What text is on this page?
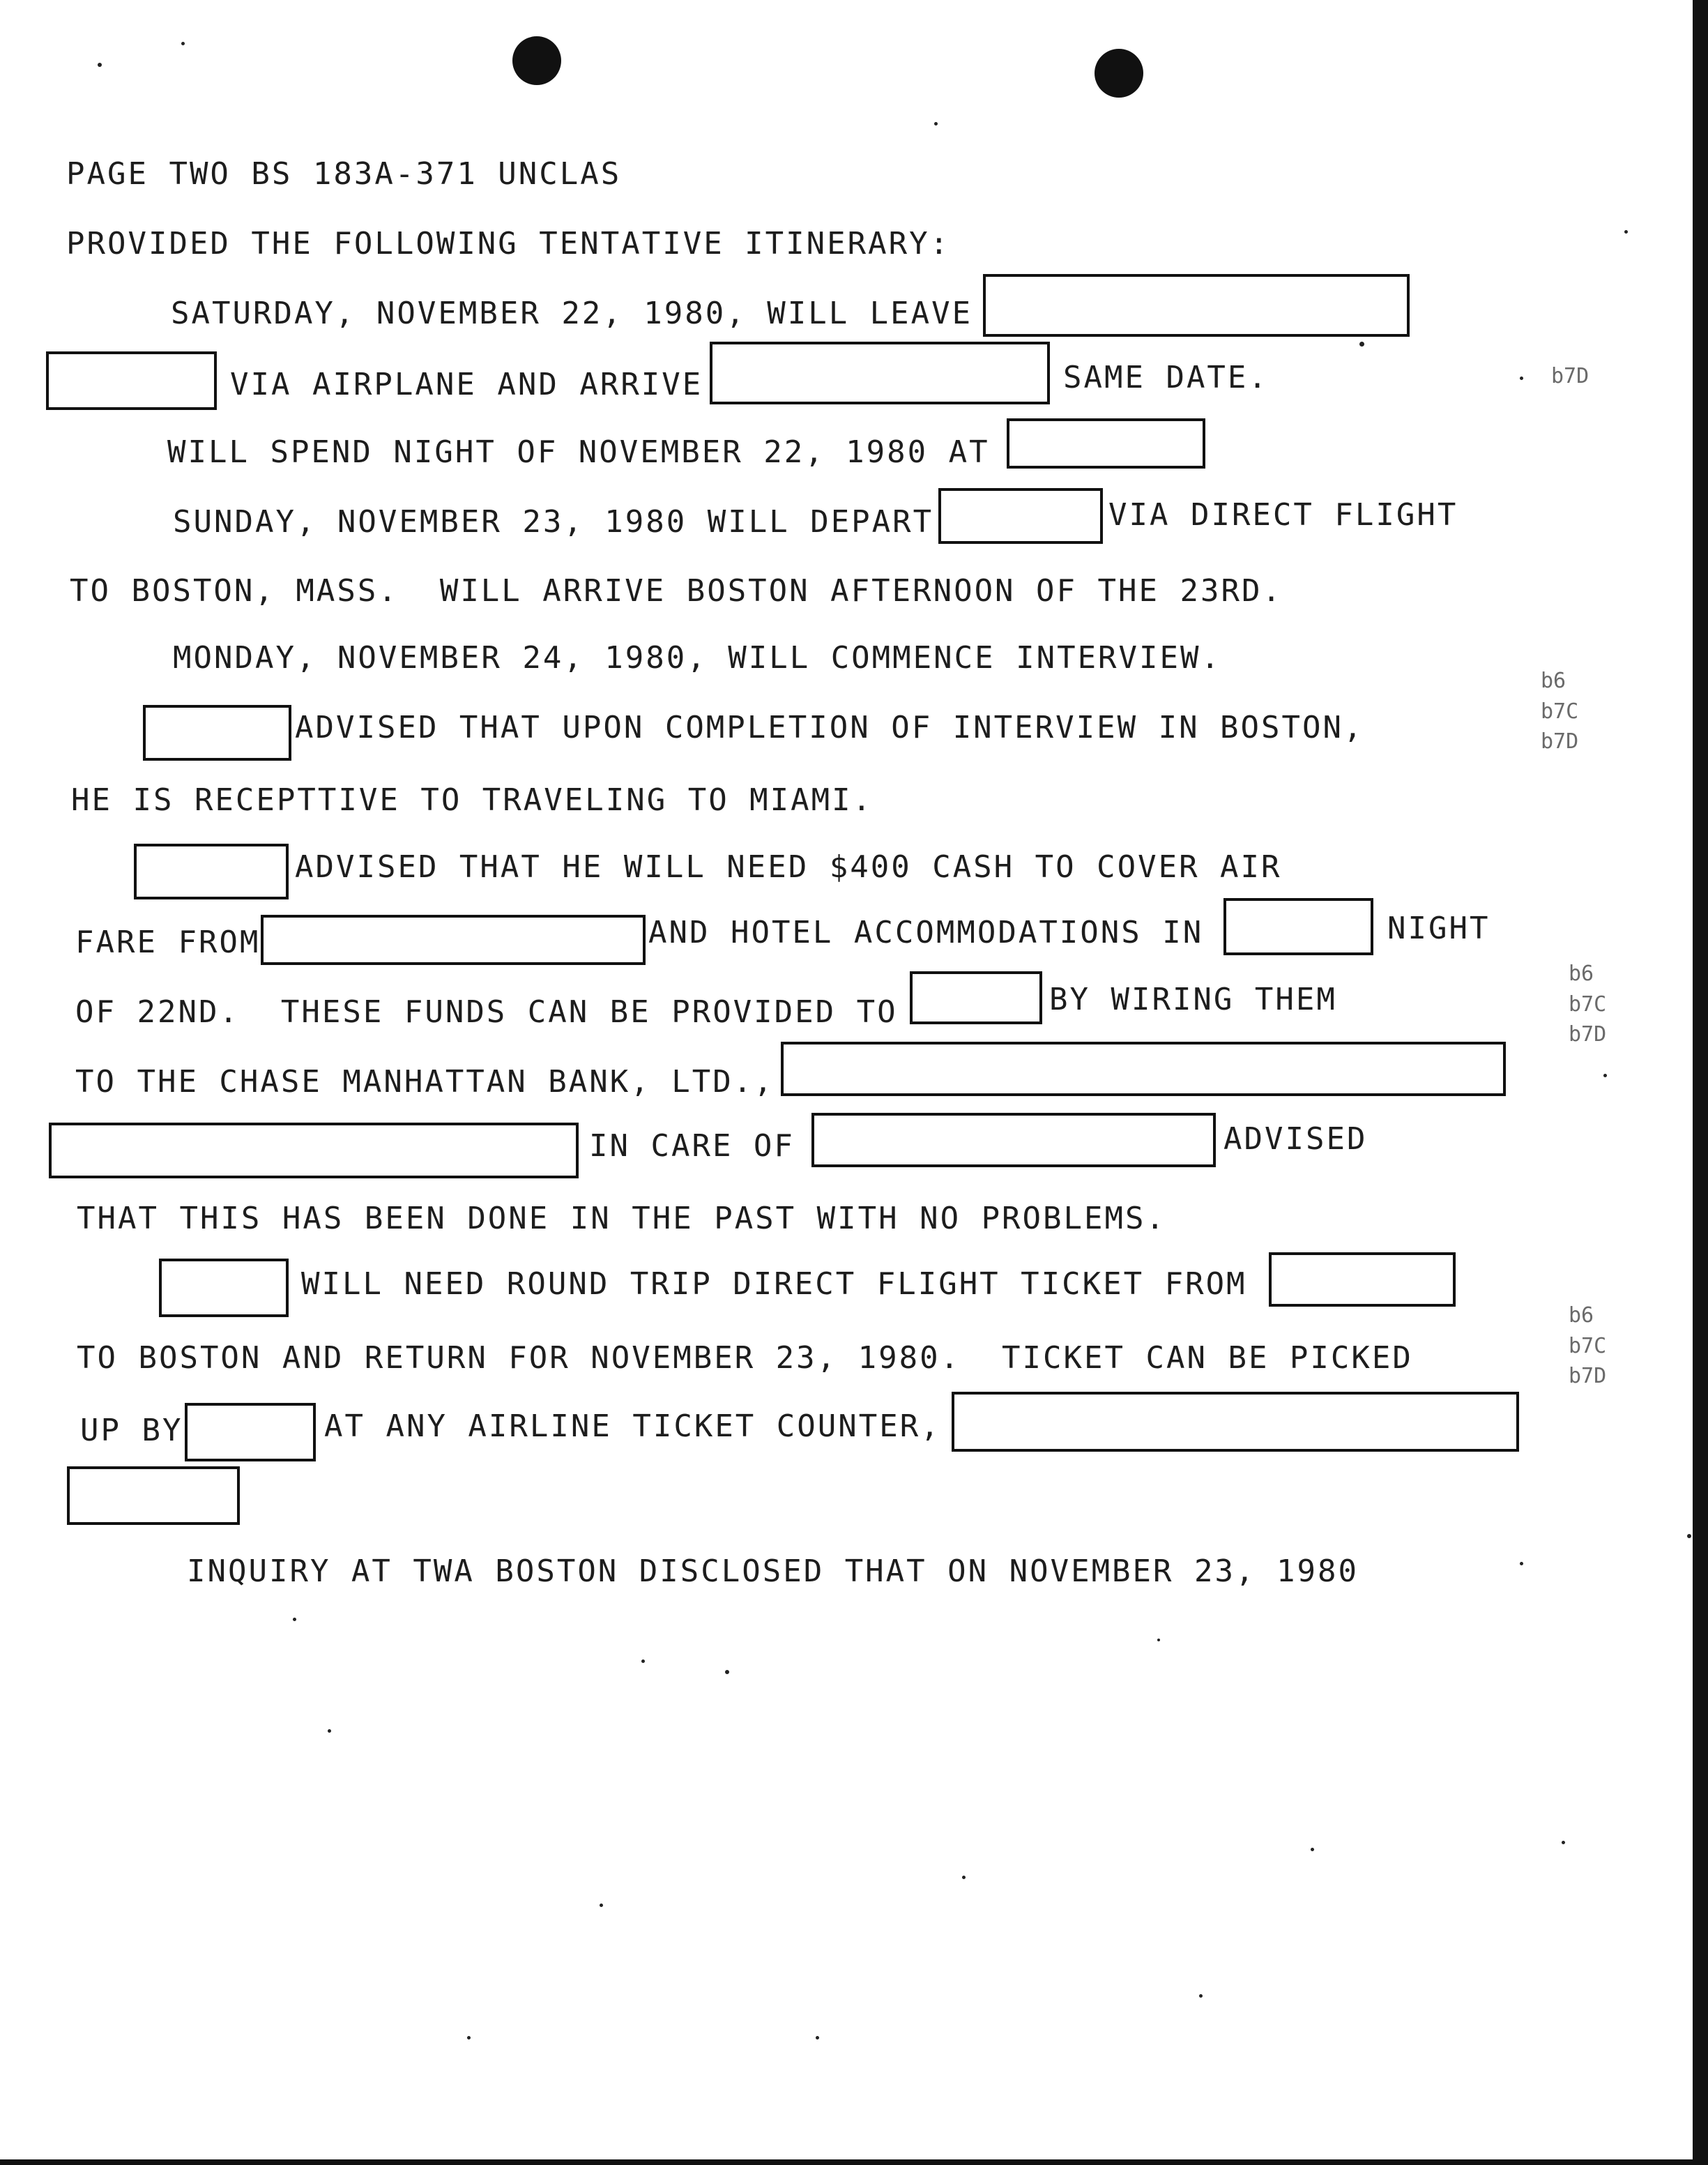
PAGE TWO BS 183A-371 UNCLAS
PROVIDED THE FOLLOWING TENTATIVE ITINERARY:
SATURDAY, NOVEMBER 22, 1980, WILL LEAVE
VIA AIRPLANE AND ARRIVE	SAME DATE.	b7D
WILL SPEND NIGHT OF NOVEMBER 22, 1980 AT
SUNDAY, NOVEMBER 23, 1980 WILL DEPART	VIA DIRECT FLIGHT
TO BOSTON, MASS.  WILL ARRIVE BOSTON AFTERNOON OF THE 23RD.
MONDAY, NOVEMBER 24, 1980, WILL COMMENCE INTERVIEW.
ADVISED THAT UPON COMPLETION OF INTERVIEW IN BOSTON,
b6
b7C
b7D
HE IS RECEPTTIVE TO TRAVELING TO MIAMI.
ADVISED THAT HE WILL NEED $400 CASH TO COVER AIR
FARE FROM	AND HOTEL ACCOMMODATIONS IN	NIGHT
OF 22ND.  THESE FUNDS CAN BE PROVIDED TO	BY WIRING THEM
b6
b7C
b7D
TO THE CHASE MANHATTAN BANK, LTD.,
IN CARE OF	ADVISED
THAT THIS HAS BEEN DONE IN THE PAST WITH NO PROBLEMS.
WILL NEED ROUND TRIP DIRECT FLIGHT TICKET FROM
b6
b7C
b7D
TO BOSTON AND RETURN FOR NOVEMBER 23, 1980.  TICKET CAN BE PICKED
UP BY	AT ANY AIRLINE TICKET COUNTER,
INQUIRY AT TWA BOSTON DISCLOSED THAT ON NOVEMBER 23, 1980
